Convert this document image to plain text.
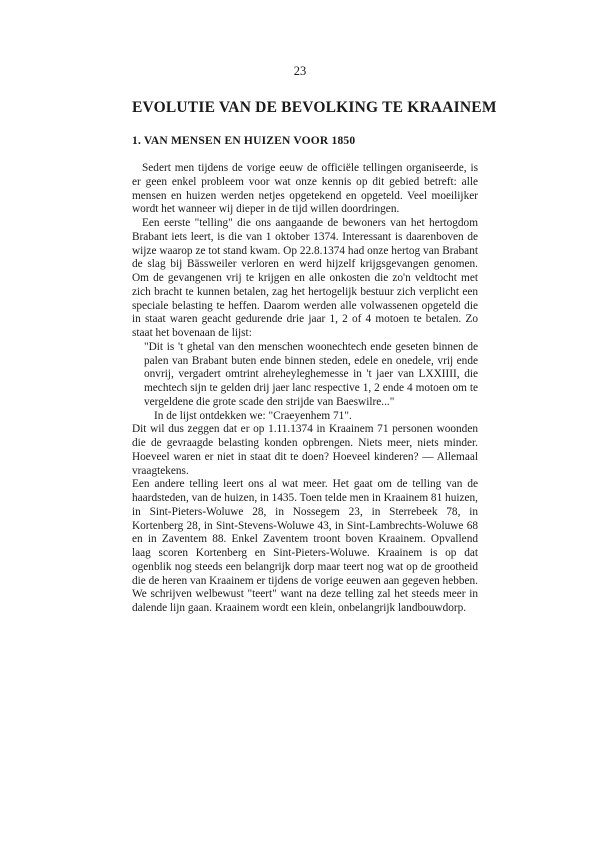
23
EVOLUTIE VAN DE BEVOLKING TE KRAAINEM
1. VAN MENSEN EN HUIZEN VOOR 1850

Sedert men tijdens de vorige eeuw de officiële tellingen organiseerde, is er geen enkel probleem voor wat onze kennis op dit gebied betreft: alle mensen en huizen werden netjes opgetekend en opgeteld. Veel moeilijker wordt het wanneer wij dieper in de tijd willen doordringen.

Een eerste "telling" die ons aangaande de bewoners van het hertogdom Brabant iets leert, is die van 1 oktober 1374. Interessant is daarenboven de wijze waarop ze tot stand kwam. Op 22.8.1374 had onze hertog van Brabant de slag bij Bässweiler verloren en werd hijzelf krijgsgevangen genomen. Om de gevangenen vrij te krijgen en alle onkosten die zo'n veldtocht met zich bracht te kunnen betalen, zag het hertogelijk bestuur zich verplicht een speciale belasting te heffen. Daarom werden alle volwassenen opgeteld die in staat waren geacht gedurende drie jaar 1, 2 of 4 motoen te betalen. Zo staat het bovenaan de lijst:

"Dit is 't ghetal van den menschen woonechtech ende geseten binnen de palen van Brabant buten ende binnen steden, edele en onedele, vrij ende onvrij, vergadert omtrint alreheyleghemesse in 't jaer van LXXIIII, die mechtech sijn te gelden drij jaer lanc respective 1, 2 ende 4 motoen om te vergeldene die grote scade den strijde van Baeswilre..."

In de lijst ontdekken we: "Craeyenhem 71".

Dit wil dus zeggen dat er op 1.11.1374 in Kraainem 71 personen woonden die de gevraagde belasting konden opbrengen. Niets meer, niets minder. Hoeveel waren er niet in staat dit te doen? Hoeveel kinderen? — Allemaal vraagtekens.

Een andere telling leert ons al wat meer. Het gaat om de telling van de haardsteden, van de huizen, in 1435. Toen telde men in Kraainem 81 huizen, in Sint-Pieters-Woluwe 28, in Nossegem 23, in Sterrebeek 78, in Kortenberg 28, in Sint-Stevens-Woluwe 43, in Sint-Lambrechts-Woluwe 68 en in Zaventem 88. Enkel Zaventem troont boven Kraainem. Opvallend laag scoren Kortenberg en Sint-Pieters-Woluwe. Kraainem is op dat ogenblik nog steeds een belangrijk dorp maar teert nog wat op de grootheid die de heren van Kraainem er tijdens de vorige eeuwen aan gegeven hebben. We schrijven welbewust "teert" want na deze telling zal het steeds meer in dalende lijn gaan. Kraainem wordt een klein, onbelangrijk landbouwdorp.
